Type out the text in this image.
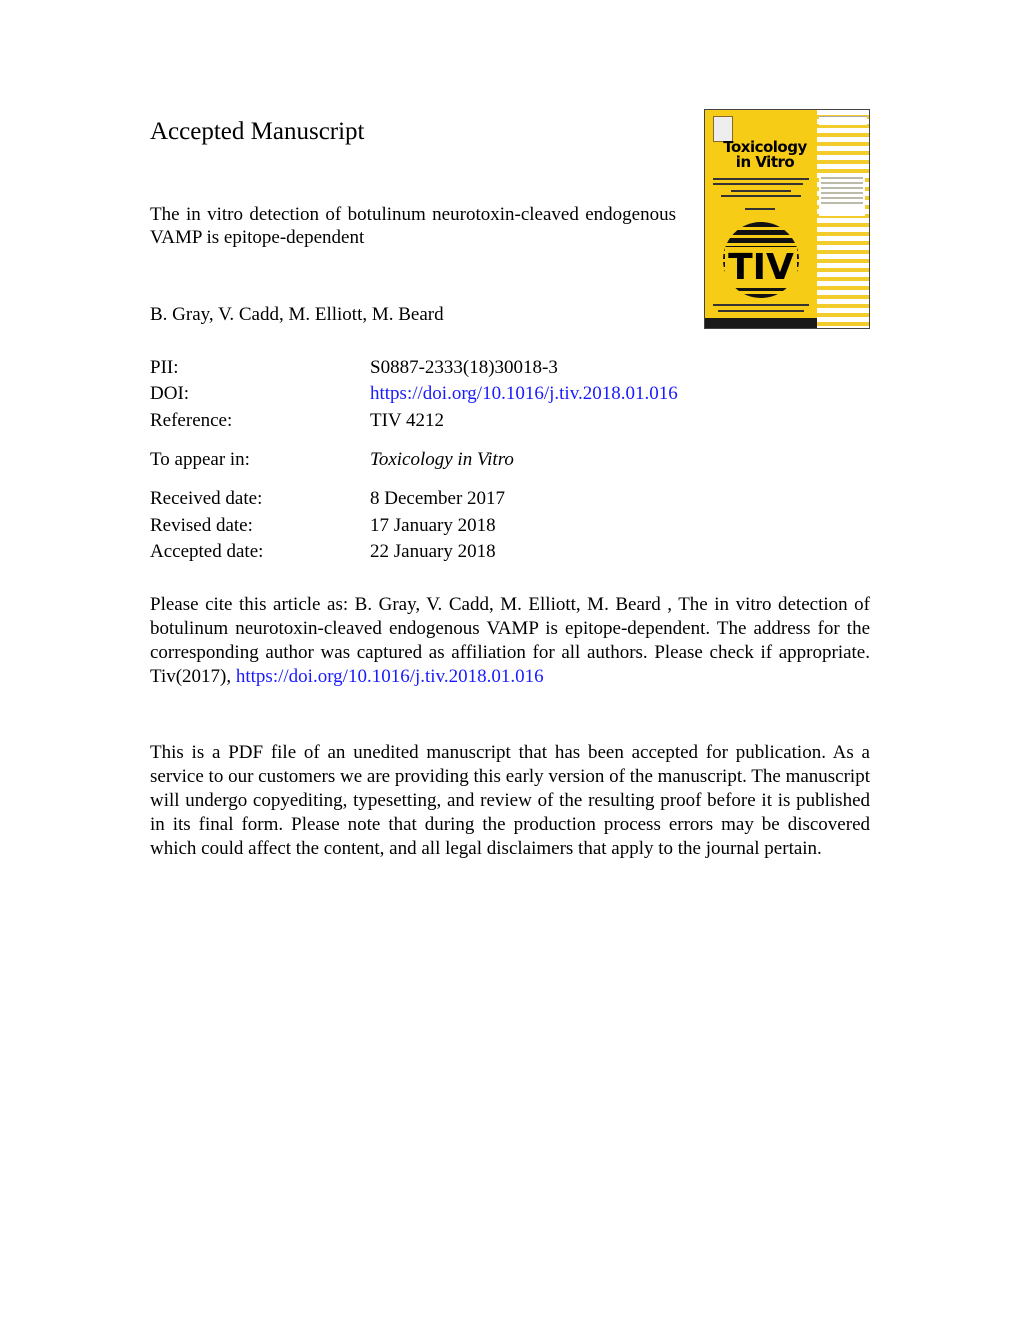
Accepted Manuscript
The in vitro detection of botulinum neurotoxin-cleaved endogenous VAMP is epitope-dependent
B. Gray, V. Cadd, M. Elliott, M. Beard
PII:	S0887-2333(18)30018-3
DOI:	https://doi.org/10.1016/j.tiv.2018.01.016
Reference:	TIV 4212
To appear in:	Toxicology in Vitro
Received date:	8 December 2017
Revised date:	17 January 2018
Accepted date:	22 January 2018

Please cite this article as: B. Gray, V. Cadd, M. Elliott, M. Beard , The in vitro detection of botulinum neurotoxin-cleaved endogenous VAMP is epitope-dependent. The address for the corresponding author was captured as affiliation for all authors. Please check if appropriate. Tiv(2017), https://doi.org/10.1016/j.tiv.2018.01.016

This is a PDF file of an unedited manuscript that has been accepted for publication. As a service to our customers we are providing this early version of the manuscript. The manuscript will undergo copyediting, typesetting, and review of the resulting proof before it is published in its final form. Please note that during the production process errors may be discovered which could affect the content, and all legal disclaimers that apply to the journal pertain.

Toxicology
in Vitro
TIV
